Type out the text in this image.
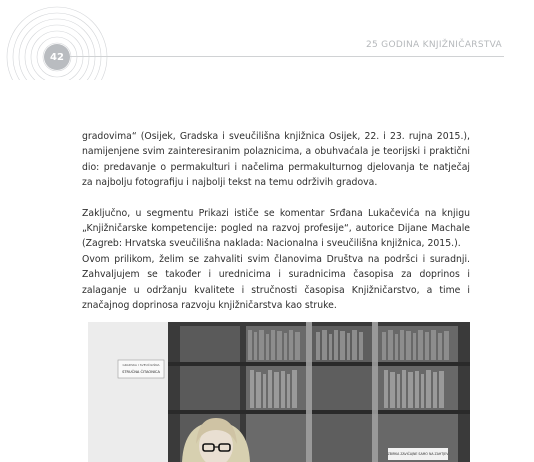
42
25 GODINA KNJIŽNIČARSTVA

gradovima“ (Osijek, Gradska i sveučilišna knjižnica Osijek, 22. i 23. rujna 2015.), namijenjene svim zainteresiranim polaznicima, a obuhvaćala je teorijski i praktični dio: predavanje o permakulturi i načelima permakulturnog djelovanja te natječaj za najbolju fotografiju i najbolji tekst na temu održivih gradova.

Zaključno, u segmentu Prikazi ističe se komentar Srđana Lukačevića na knjigu „Knjižničarske kompetencije: pogled na razvoj profesije“, autorice Dijane Machale (Zagreb: Hrvatska sveučilišna naklada: Nacionalna i sveučilišna knjižnica, 2015.).

Ovom prilikom, želim se zahvaliti svim članovima Društva na podršci i suradnji. Zahvaljujem se također i urednicima i suradnicima časopisa za doprinos i zalaganje u održanju kvalitete i stručnosti časopisa Knjižničarstvo, a time i značajnog doprinosa razvoju knjižničarstva kao struke.

GRADSKA I SVEUČILIŠNA
STRUČNA ČITAONICA
ZBIRKA ZAVIČAJNE SAMO NA ZAHTJEV
